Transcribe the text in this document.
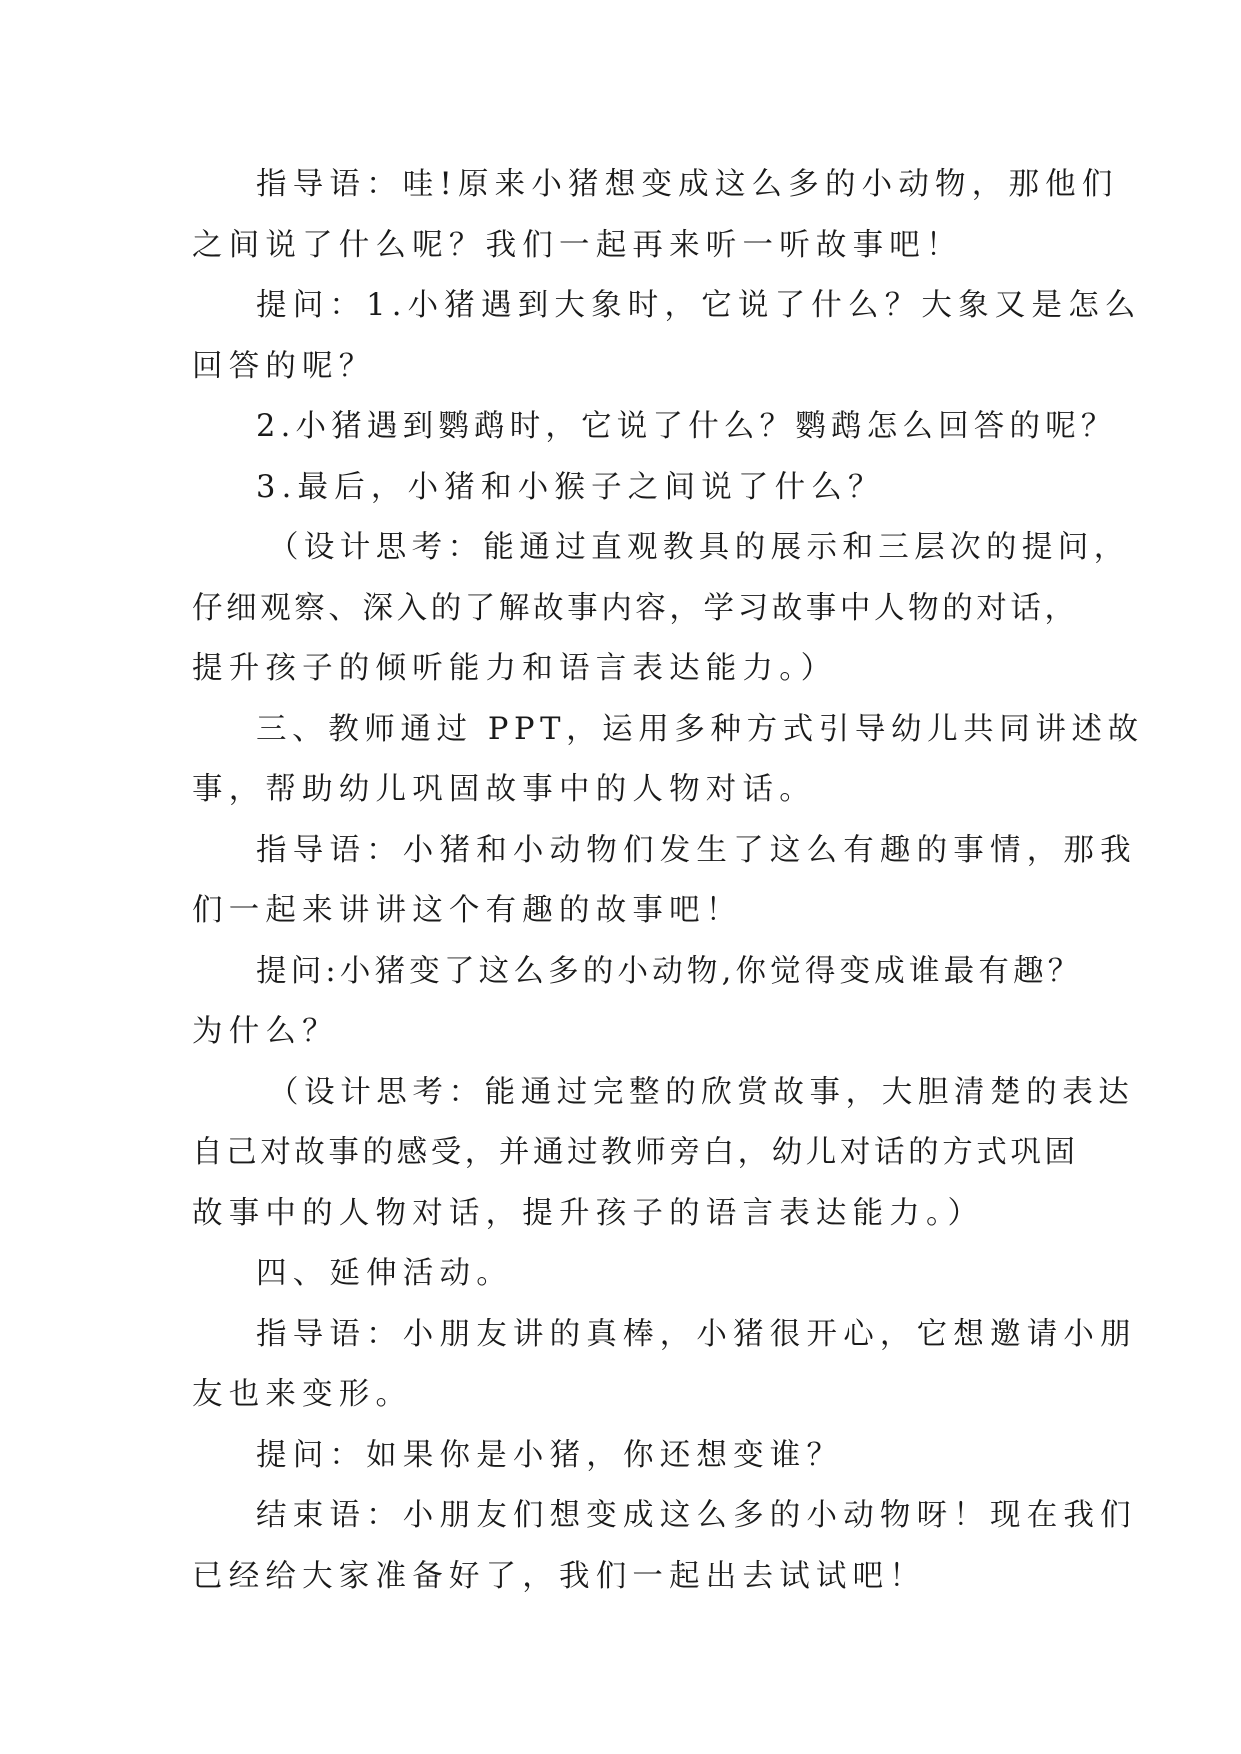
指导语：哇!原来小猪想变成这么多的小动物，那他们
之间说了什么呢？我们一起再来听一听故事吧！
提问：1.小猪遇到大象时，它说了什么？大象又是怎么
回答的呢？
2.小猪遇到鹦鹉时，它说了什么？鹦鹉怎么回答的呢？
3.最后，小猪和小猴子之间说了什么？
（设计思考：能通过直观教具的展示和三层次的提问，
仔细观察、深入的了解故事内容，学习故事中人物的对话，
提升孩子的倾听能力和语言表达能力。）
三、教师通过 PPT，运用多种方式引导幼儿共同讲述故
事，帮助幼儿巩固故事中的人物对话。
指导语：小猪和小动物们发生了这么有趣的事情，那我
们一起来讲讲这个有趣的故事吧！
提问:小猪变了这么多的小动物,你觉得变成谁最有趣？
为什么？
（设计思考：能通过完整的欣赏故事，大胆清楚的表达
自己对故事的感受，并通过教师旁白，幼儿对话的方式巩固
故事中的人物对话，提升孩子的语言表达能力。）
四、延伸活动。
指导语：小朋友讲的真棒，小猪很开心，它想邀请小朋
友也来变形。
提问：如果你是小猪，你还想变谁？
结束语：小朋友们想变成这么多的小动物呀！现在我们
已经给大家准备好了，我们一起出去试试吧！
